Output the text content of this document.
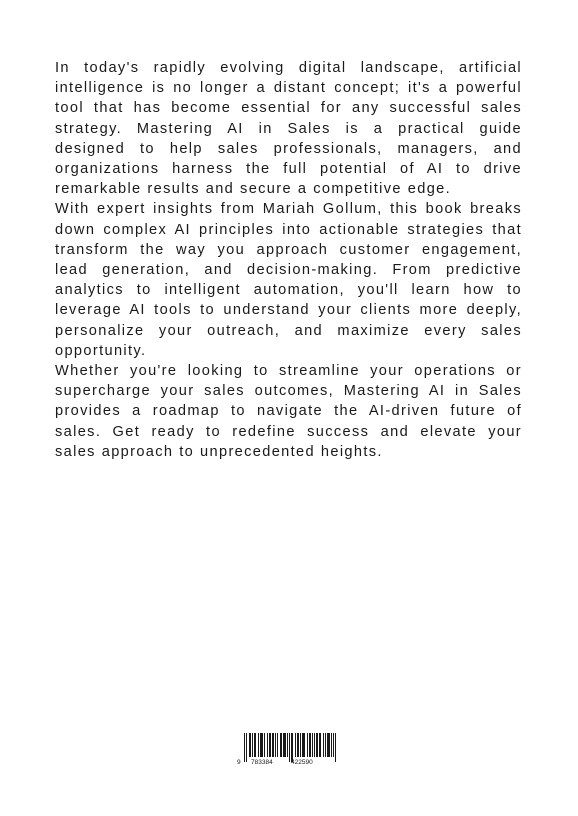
In today's rapidly evolving digital landscape, artificial intelligence is no longer a distant concept; it's a powerful tool that has become essential for any successful sales strategy. Mastering AI in Sales is a practical guide designed to help sales professionals, managers, and organizations harness the full potential of AI to drive remarkable results and secure a competitive edge.

With expert insights from Mariah Gollum, this book breaks down complex AI principles into actionable strategies that transform the way you approach customer engagement, lead generation, and decision-making. From predictive analytics to intelligent automation, you'll learn how to leverage AI tools to understand your clients more deeply, personalize your outreach, and maximize every sales opportunity.

Whether you're looking to streamline your operations or supercharge your sales outcomes, Mastering AI in Sales provides a roadmap to navigate the AI-driven future of sales. Get ready to redefine success and elevate your sales approach to unprecedented heights.

9 783384	422590
